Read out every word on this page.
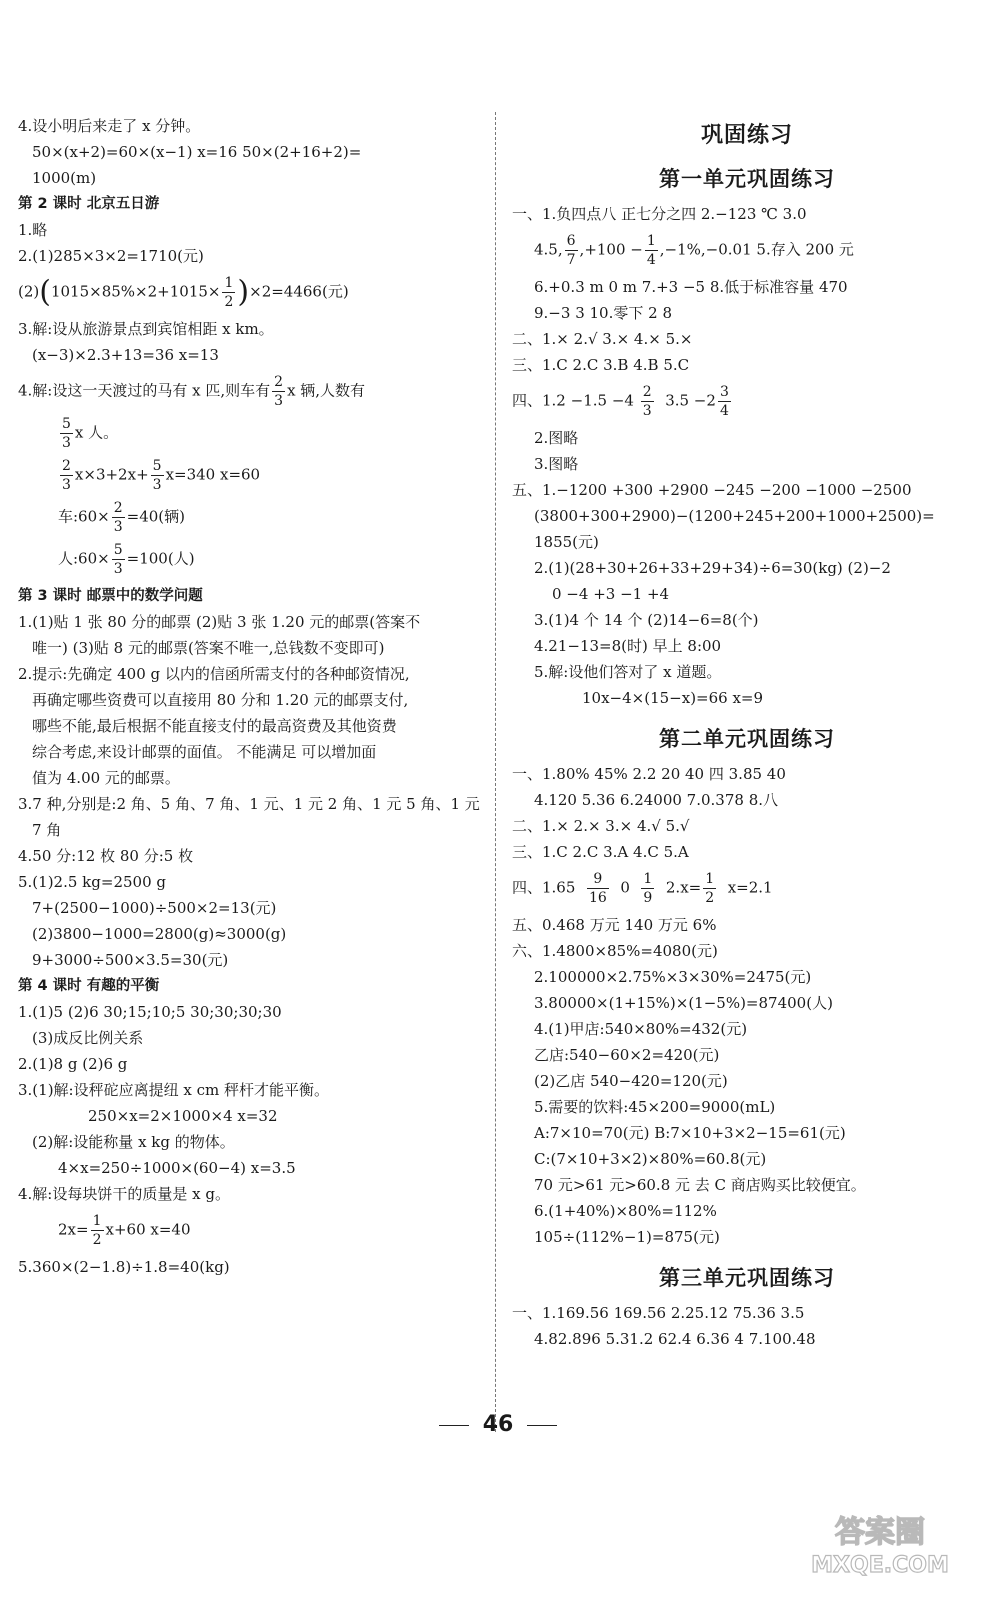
4.设小明后来走了 x 分钟。
50×(x+2)=60×(x−1) x=16 50×(2+16+2)=
1000(m)
第 2 课时 北京五日游
1.略
2.(1)285×3×2=1710(元)
$(2)(1015\times 85\%\times 2+1015\times \frac{1}{2} )\times 2=4466$(元)
3.解:设从旅游景点到宾馆相距 x km。
(x−3)×2.3+13=36 x=13
4.解:设这一天渡过的马有 x 匹,则车有 $\frac{2}{3}$ x 辆,人数有
$\frac{5}{3}$ x 人。
$\frac{2}{3} x\times 3+2x+ \frac{5}{3} x=340$ x=60
车:60× $\frac{2}{3} =40$(辆)
人:60× $\frac{5}{3} =100$(人)
第 3 课时 邮票中的数学问题
1.(1)贴 1 张 80 分的邮票 (2)贴 3 张 1.20 元的邮票(答案不
唯一) (3)贴 8 元的邮票(答案不唯一,总钱数不变即可)
2.提示:先确定 400 g 以内的信函所需支付的各种邮资情况,
再确定哪些资费可以直接用 80 分和 1.20 元的邮票支付,
哪些不能,最后根据不能直接支付的最高资费及其他资费
综合考虑,来设计邮票的面值。 不能满足 可以增加面
值为 4.00 元的邮票。
3.7 种,分别是:2 角、5 角、7 角、1 元、1 元 2 角、1 元 5 角、1 元
7 角
4.50 分:12 枚 80 分:5 枚
5.(1)2.5 kg=2500 g
7+(2500−1000)÷500×2=13(元)
(2)3800−1000=2800(g)≈3000(g)
9+3000÷500×3.5=30(元)
第 4 课时 有趣的平衡
1.(1)5 (2)6 30;15;10;5 30;30;30;30
(3)成反比例关系
2.(1)8 g (2)6 g
3.(1)解:设秤砣应离提纽 x cm 秤杆才能平衡。
250×x=2×1000×4 x=32
(2)解:设能称量 x kg 的物体。
4×x=250÷1000×(60−4) x=3.5
4.解:设每块饼干的质量是 x g。
$2x= \frac{1}{2} x+60$ x=40
5.360×(2−1.8)÷1.8=40(kg)
巩固练习
第一单元巩固练习
一、1.负四点八 正七分之四 2.−123 ℃ 3.0
4.5, $\frac{6}{7} ,+100 - \frac{1}{4} ,-1\%,-0.01$ 5.存入 200 元
6.+0.3 m 0 m 7.+3 −5 8.低于标准容量 470
9.−3 3 10.零下 2 8
二、1.× 2.√ 3.× 4.× 5.×
三、1.C 2.C 3.B 4.B 5.C
四、$1.2 -1.5 -4 \frac{2}{3} 3.5 -2 \frac{3}{4}$
2.图略
3.图略
五、1.−1200 +300 +2900 −245 −200 −1000 −2500
(3800+300+2900)−(1200+245+200+1000+2500)=
1855(元)
2.(1)(28+30+26+33+29+34)÷6=30(kg) (2)−2
0 −4 +3 −1 +4
3.(1)4 个 14 个 (2)14−6=8(个)
4.21−13=8(时) 早上 8:00
5.解:设他们答对了 x 道题。
10x−4×(15−x)=66 x=9
第二单元巩固练习
一、1.80% 45% 2.2 20 40 四 3.85 40
4.120 5.36 6.24000 7.0.378 8.八
二、1.× 2.× 3.× 4.√ 5.√
三、1.C 2.C 3.A 4.C 5.A
四、$1.65 \frac{9}{16} 0 \frac{1}{9} 2.x= \frac{1}{2} x=2.1$
五、0.468 万元 140 万元 6%
六、1.4800×85%=4080(元)
2.100000×2.75%×3×30%=2475(元)
3.80000×(1+15%)×(1−5%)=87400(人)
4.(1)甲店:540×80%=432(元)
乙店:540−60×2=420(元)
(2)乙店 540−420=120(元)
5.需要的饮料:45×200=9000(mL)
A:7×10=70(元) B:7×10+3×2−15=61(元)
C:(7×10+3×2)×80%=60.8(元)
70 元>61 元>60.8 元 去 C 商店购买比较便宜。
6.(1+40%)×80%=112%
105÷(112%−1)=875(元)
第三单元巩固练习
一、1.169.56 169.56 2.25.12 75.36 3.5
4.82.896 5.31.2 62.4 6.36 4 7.100.48
46
答案圈
MXQE.COM
